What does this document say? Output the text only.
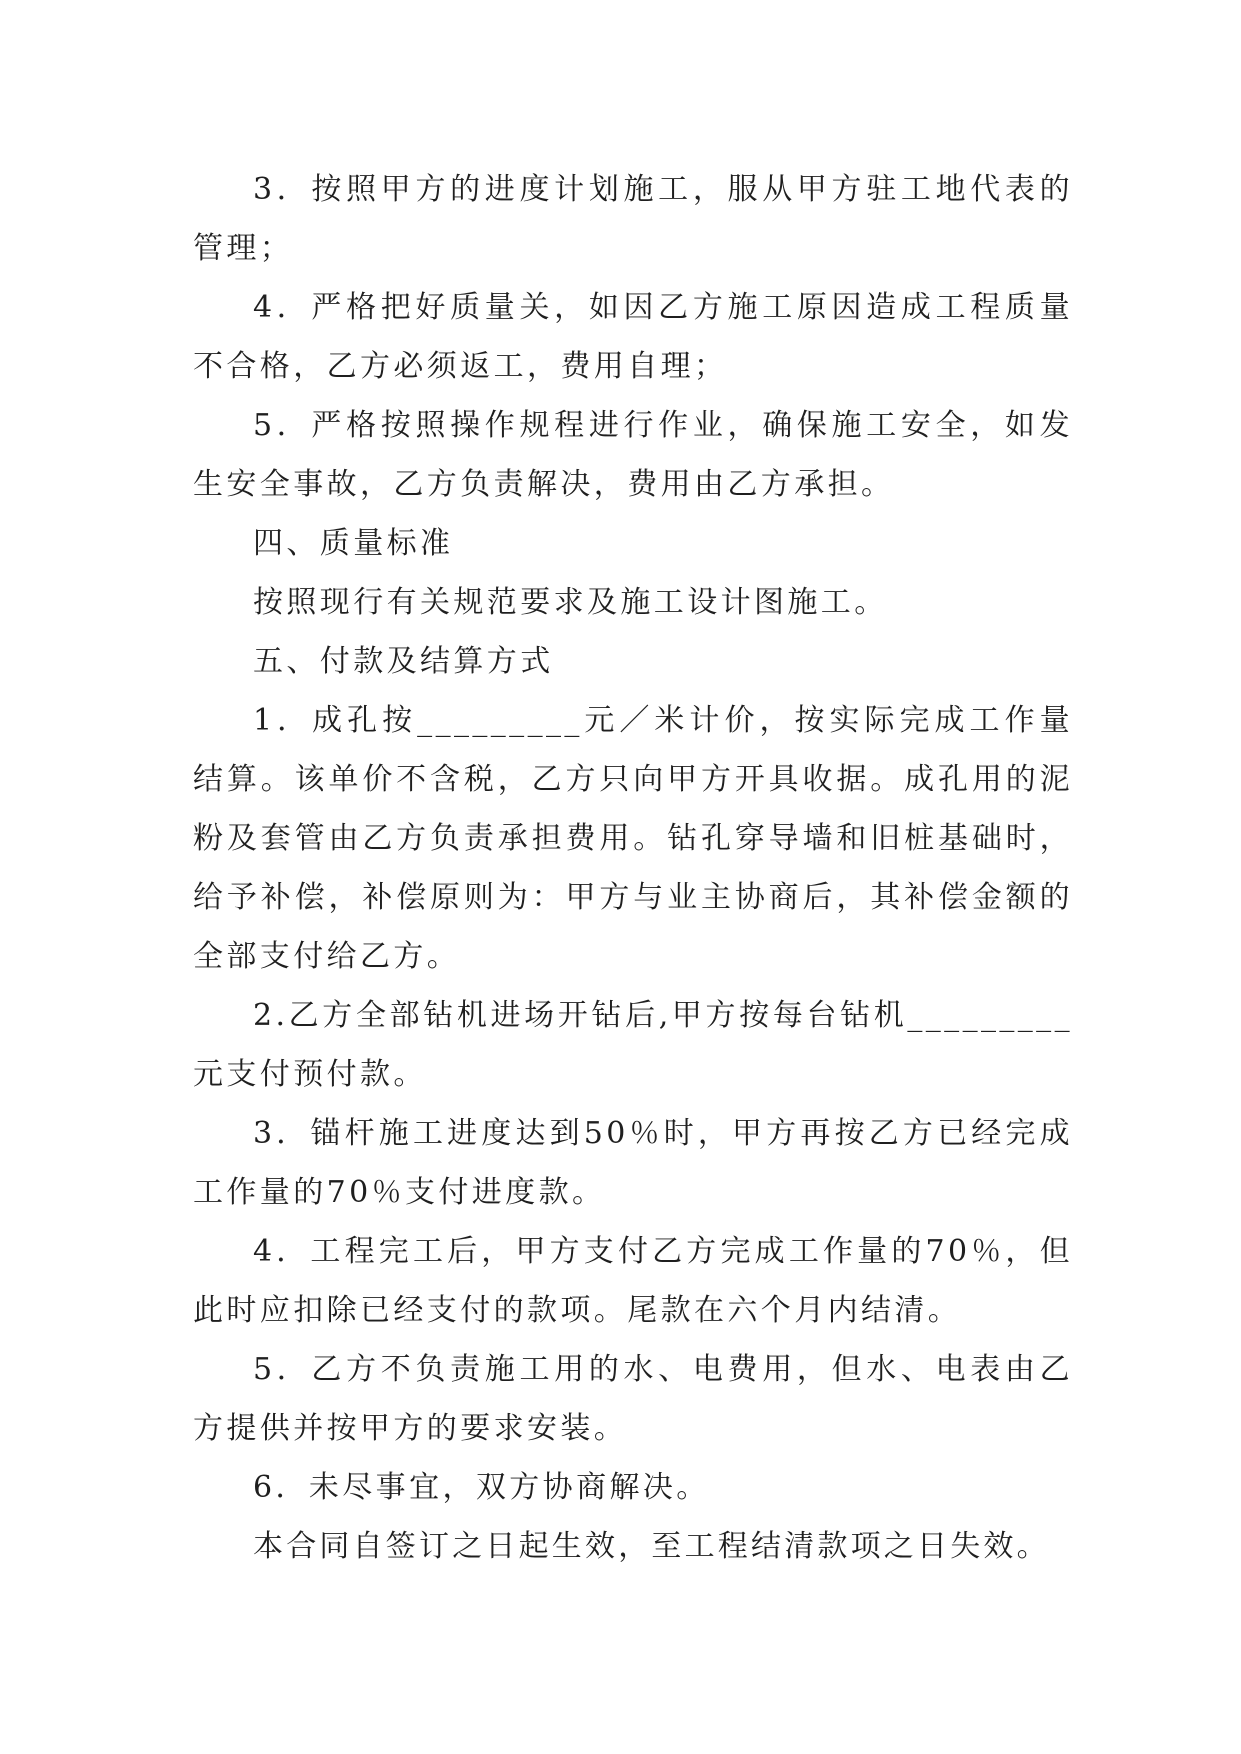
3．按照甲方的进度计划施工，服从甲方驻工地代表的管理；

4．严格把好质量关，如因乙方施工原因造成工程质量不合格，乙方必须返工，费用自理；

5．严格按照操作规程进行作业，确保施工安全，如发生安全事故，乙方负责解决，费用由乙方承担。

四、质量标准

按照现行有关规范要求及施工设计图施工。

五、付款及结算方式

1．成孔按_________元／米计价，按实际完成工作量结算。该单价不含税，乙方只向甲方开具收据。成孔用的泥粉及套管由乙方负责承担费用。钻孔穿导墙和旧桩基础时，给予补偿，补偿原则为：甲方与业主协商后，其补偿金额的全部支付给乙方。

2.乙方全部钻机进场开钻后,甲方按每台钻机_________元支付预付款。

3．锚杆施工进度达到50％时，甲方再按乙方已经完成工作量的70％支付进度款。

4．工程完工后，甲方支付乙方完成工作量的70％，但此时应扣除已经支付的款项。尾款在六个月内结清。

5．乙方不负责施工用的水、电费用，但水、电表由乙方提供并按甲方的要求安装。

6．未尽事宜，双方协商解决。

本合同自签订之日起生效，至工程结清款项之日失效。
